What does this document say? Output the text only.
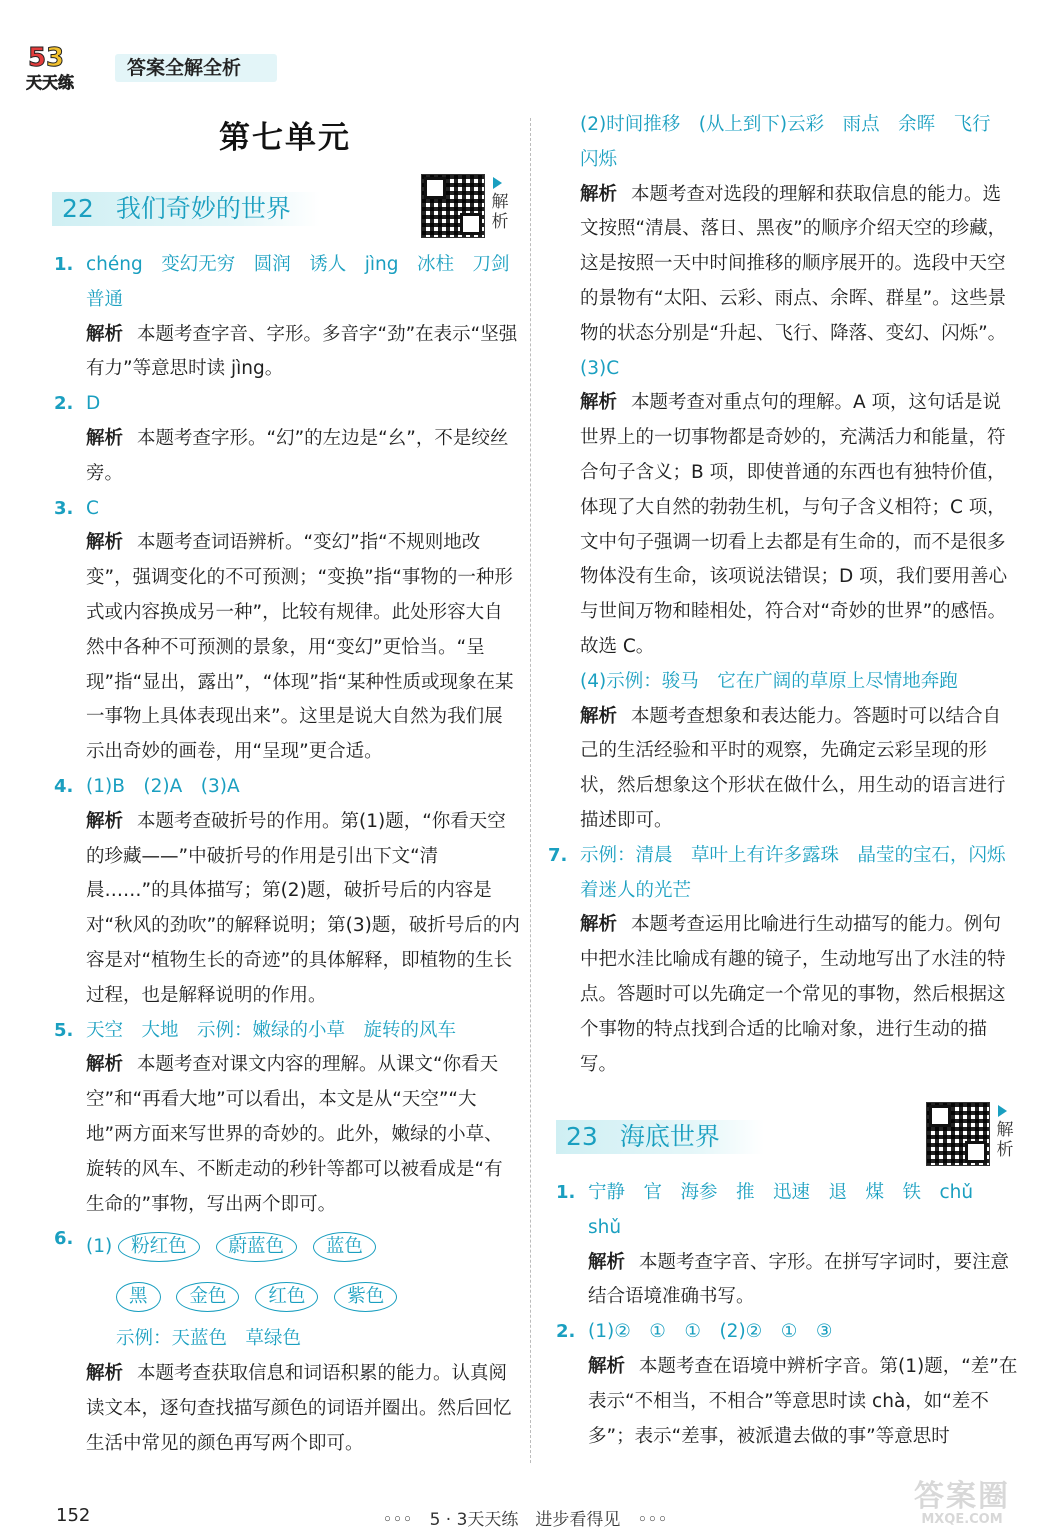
5 3
天天练
答案全解全析
第七单元
22 我们奇妙的世界	解析
1. chéng　变幻无穷　圆润　诱人　jìng　冰柱　刀剑　普通
解析 本题考查字音、字形。多音字“劲”在表示“坚强有力”等意思时读 jìng。
2. D
解析 本题考查字形。“幻”的左边是“幺”，不是绞丝旁。
3. C
解析 本题考查词语辨析。“变幻”指“不规则地改变”，强调变化的不可预测；“变换”指“事物的一种形式或内容换成另一种”，比较有规律。此处形容大自然中各种不可预测的景象，用“变幻”更恰当。“呈现”指“显出，露出”，“体现”指“某种性质或现象在某一事物上具体表现出来”。这里是说大自然为我们展示出奇妙的画卷，用“呈现”更合适。
4. (1)B　(2)A　(3)A
解析 本题考查破折号的作用。第(1)题，“你看天空的珍藏——”中破折号的作用是引出下文“清晨……”的具体描写；第(2)题，破折号后的内容是对“秋风的劲吹”的解释说明；第(3)题，破折号后的内容是对“植物生长的奇迹”的具体解释，即植物的生长过程，也是解释说明的作用。
5. 天空　大地　示例：嫩绿的小草　旋转的风车
解析 本题考查对课文内容的理解。从课文“你看天空”和“再看大地”可以看出，本文是从“天空”“大地”两方面来写世界的奇妙的。此外，嫩绿的小草、旋转的风车、不断走动的秒针等都可以被看成是“有生命的”事物，写出两个即可。
6. (1) 粉红色 蔚蓝色 蓝色
黑 金色 红色 紫色
示例：天蓝色　草绿色
解析 本题考查获取信息和词语积累的能力。认真阅读文本，逐句查找描写颜色的词语并圈出。然后回忆生活中常见的颜色再写两个即可。
(2)时间推移　(从上到下)云彩　雨点　余晖　飞行　闪烁
解析 本题考查对选段的理解和获取信息的能力。选文按照“清晨、落日、黑夜”的顺序介绍天空的珍藏，这是按照一天中时间推移的顺序展开的。选段中天空的景物有“太阳、云彩、雨点、余晖、群星”。这些景物的状态分别是“升起、飞行、降落、变幻、闪烁”。
(3)C
解析 本题考查对重点句的理解。A 项，这句话是说世界上的一切事物都是奇妙的，充满活力和能量，符合句子含义；B 项，即使普通的东西也有独特价值，体现了大自然的勃勃生机，与句子含义相符；C 项，文中句子强调一切看上去都是有生命的，而不是很多物体没有生命，该项说法错误；D 项，我们要用善心与世间万物和睦相处，符合对“奇妙的世界”的感悟。故选 C。
(4)示例：骏马　它在广阔的草原上尽情地奔跑
解析 本题考查想象和表达能力。答题时可以结合自己的生活经验和平时的观察，先确定云彩呈现的形状，然后想象这个形状在做什么，用生动的语言进行描述即可。
7. 示例：清晨　草叶上有许多露珠　晶莹的宝石，闪烁着迷人的光芒
解析 本题考查运用比喻进行生动描写的能力。例句中把水洼比喻成有趣的镜子，生动地写出了水洼的特点。答题时可以先确定一个常见的事物，然后根据这个事物的特点找到合适的比喻对象，进行生动的描写。
23 海底世界	解析
1. 宁静　官　海参　推　迅速　退　煤　铁　chǔ　shǔ
解析 本题考查字音、字形。在拼写字词时，要注意结合语境准确书写。
2. (1)②　①　①　(2)②　①　③
解析 本题考查在语境中辨析字音。第(1)题，“差”在表示“不相当，不相合”等意思时读 chà，如“差不多”；表示“差事，被派遣去做的事”等意思时
152	◦◦◦　5 · 3天天练　进步看得见　◦◦◦
答案圈
MXQE.COM
